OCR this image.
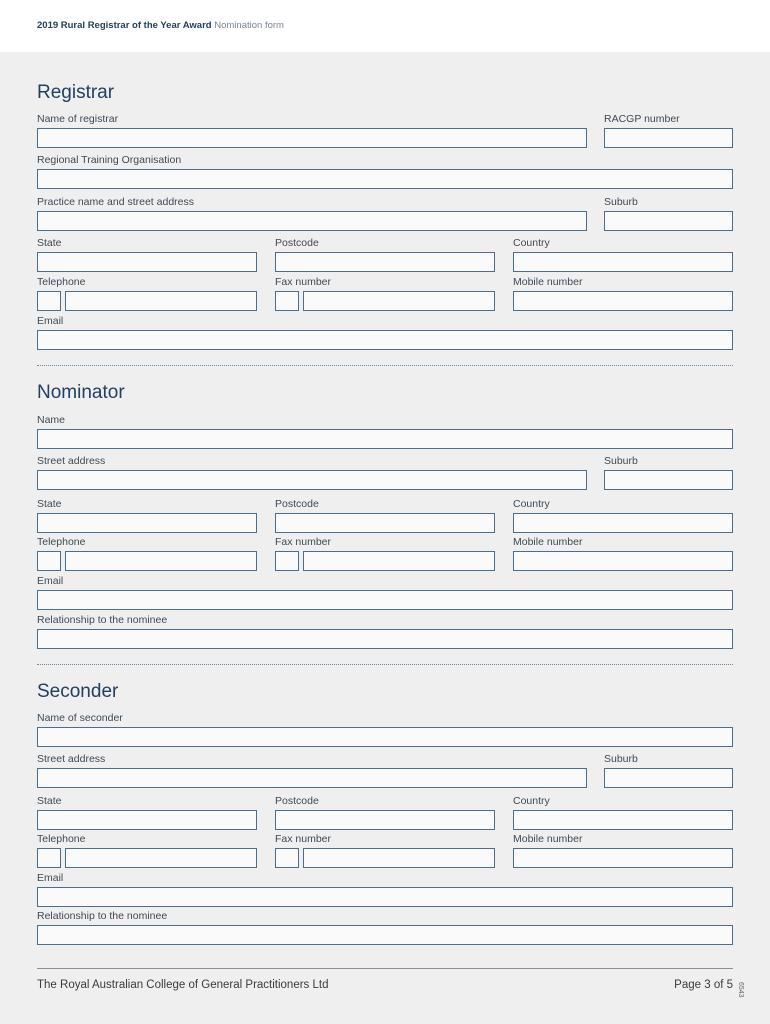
2019 Rural Registrar of the Year Award Nomination form
Registrar
Name of registrar	RACGP number
Regional Training Organisation
Practice name and street address	Suburb
State	Postcode	Country
Telephone	Fax number	Mobile number
Email
Nominator
Name
Street address	Suburb
State	Postcode	Country
Telephone	Fax number	Mobile number
Email
Relationship to the nominee
Seconder
Name of seconder
Street address	Suburb
State	Postcode	Country
Telephone	Fax number	Mobile number
Email
Relationship to the nominee
The Royal Australian College of General Practitioners Ltd	Page 3 of 5 6543
